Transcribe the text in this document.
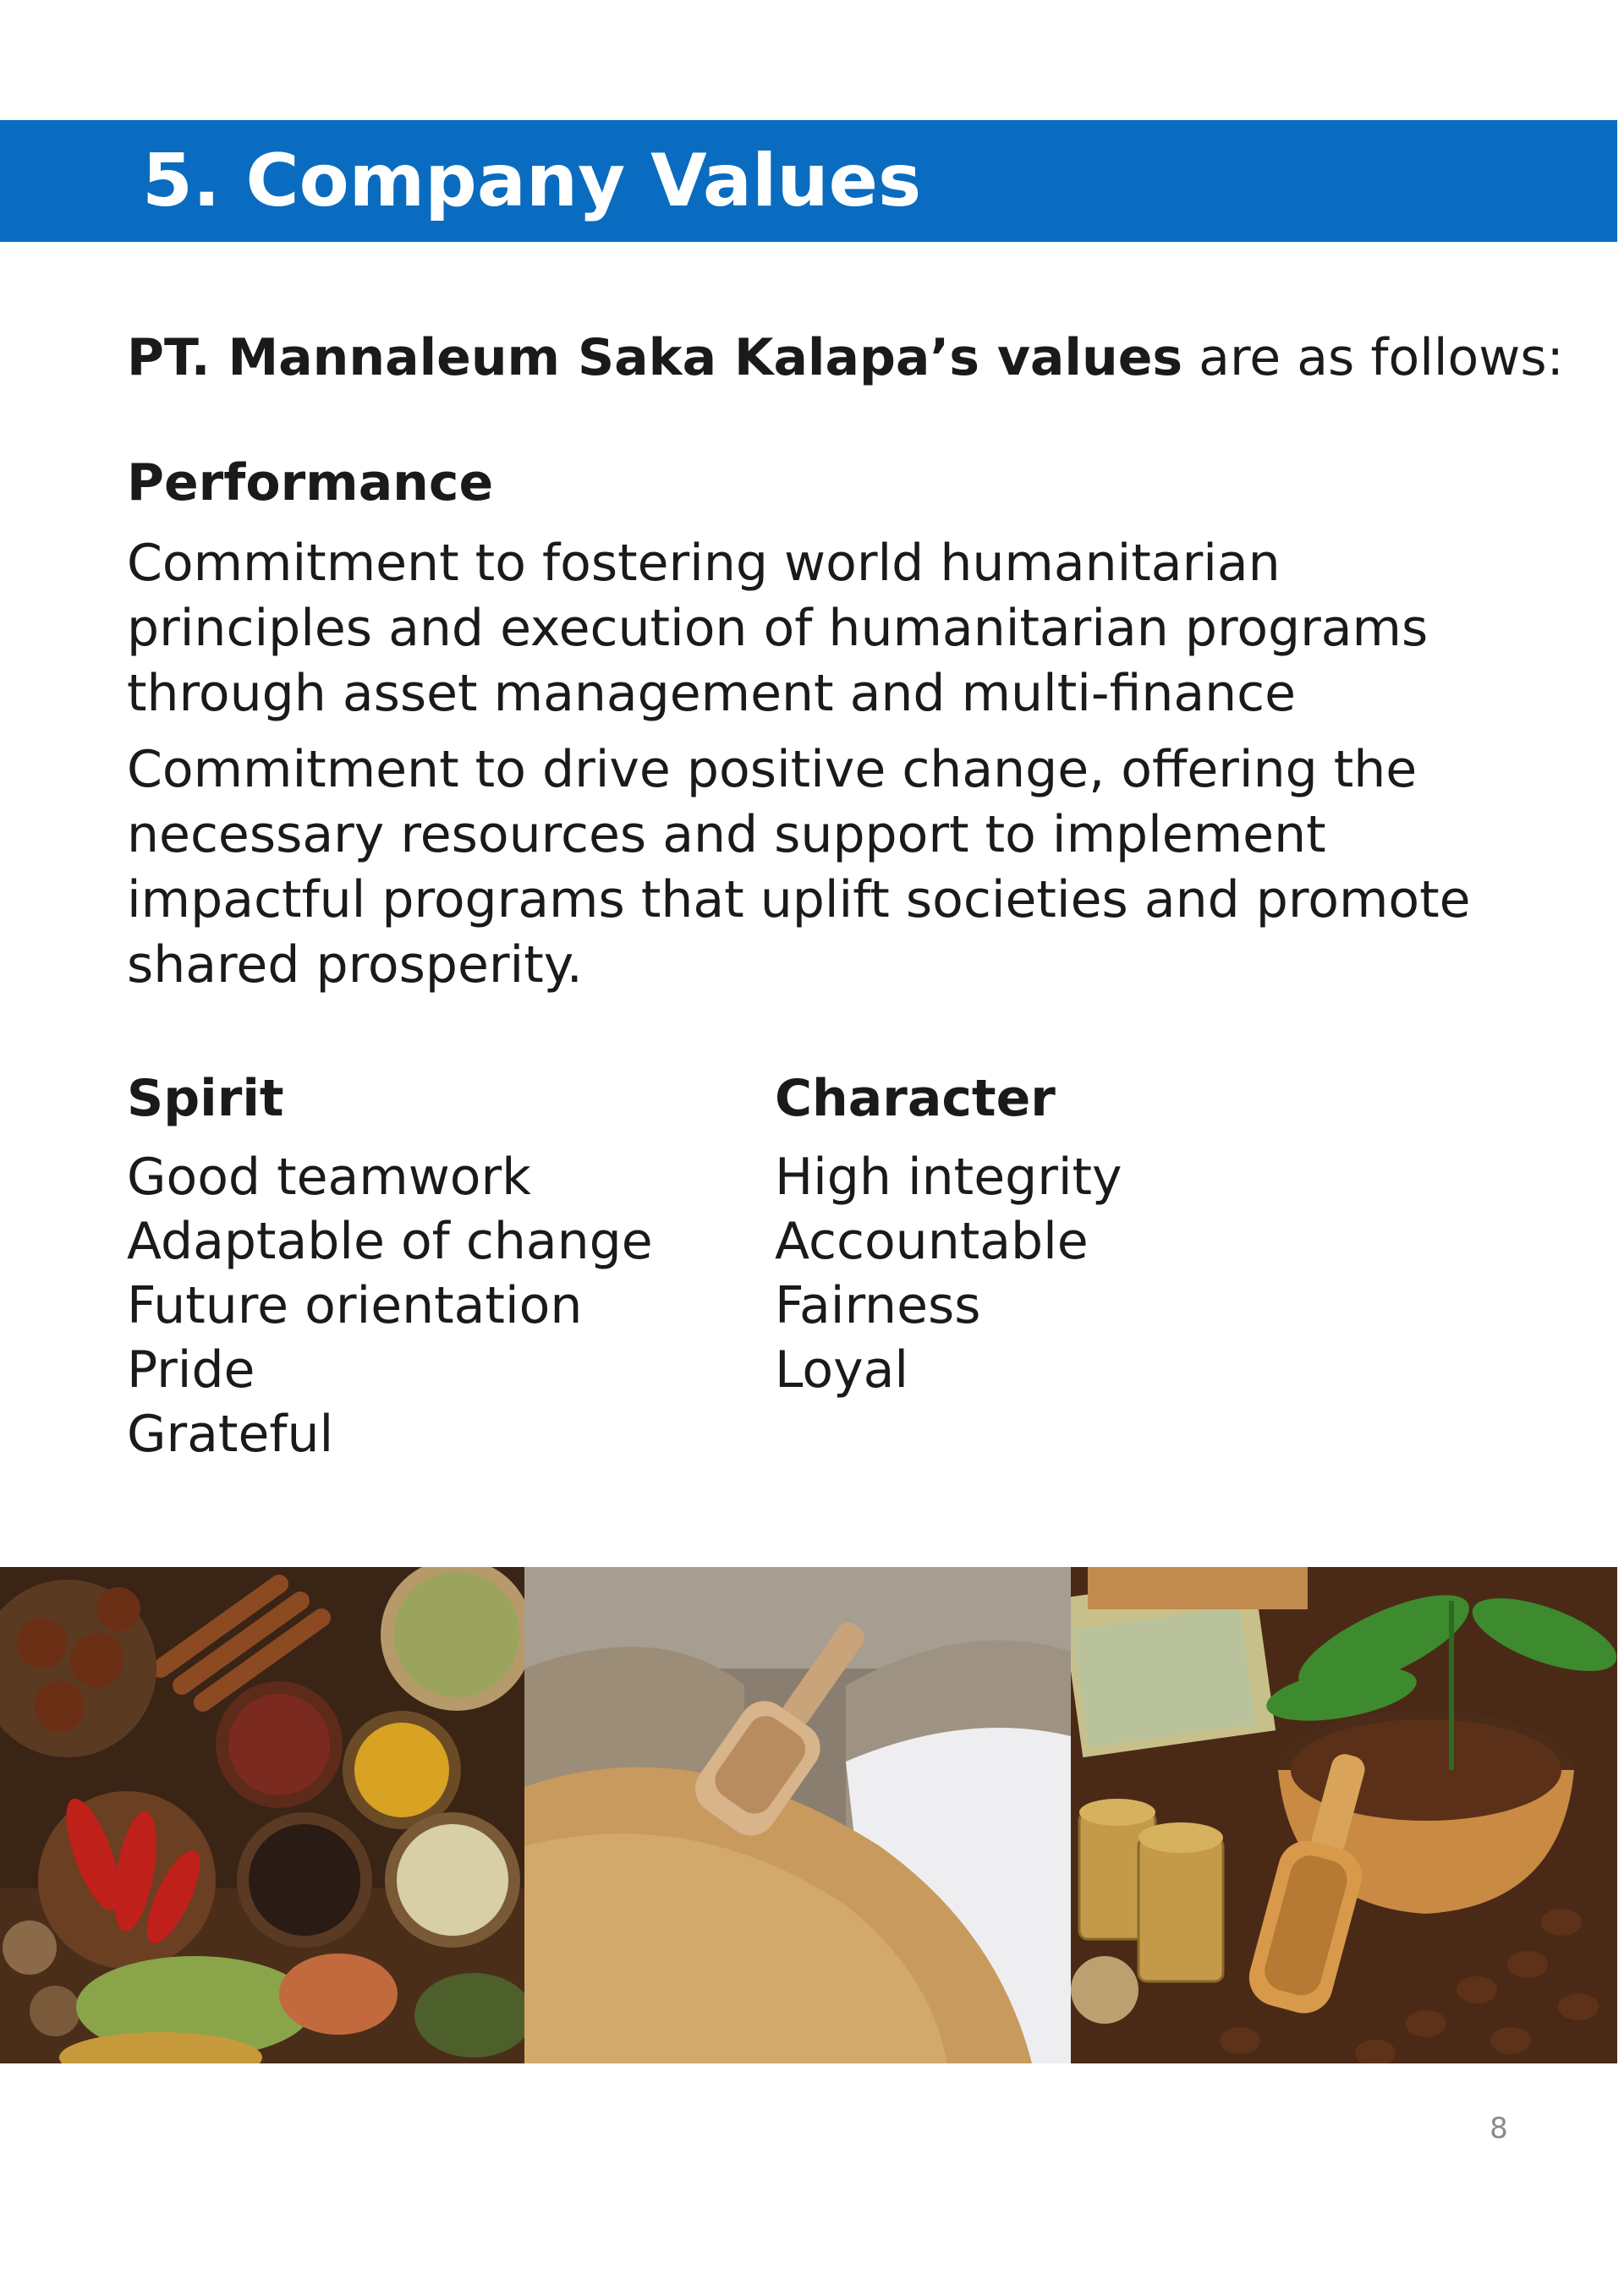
5. Company Values
PT. Mannaleum Saka Kalapa’s values are as follows:
Performance
Commitment to fostering world humanitarian principles and execution of humanitarian programs through asset management and multi-finance
Commitment to drive positive change, offering the necessary resources and support to implement impactful programs that uplift societies and promote shared prosperity.
Spirit
Good teamwork
Adaptable of change
Future orientation
Pride
Grateful
Character
High integrity
Accountable
Fairness
Loyal
8
